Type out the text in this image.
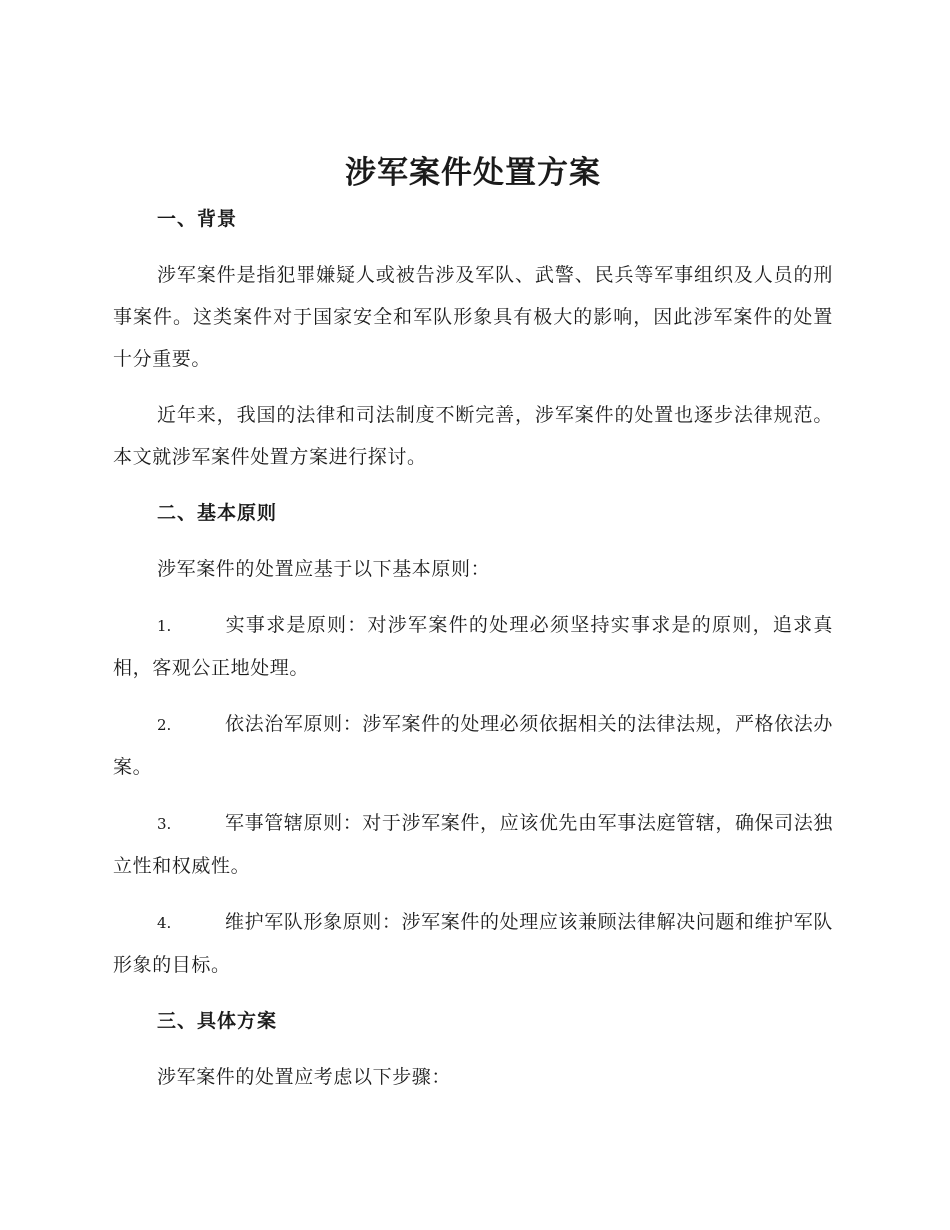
涉军案件处置方案
一、背景

涉军案件是指犯罪嫌疑人或被告涉及军队、武警、民兵等军事组织及人员的刑事案件。这类案件对于国家安全和军队形象具有极大的影响，因此涉军案件的处置十分重要。

近年来，我国的法律和司法制度不断完善，涉军案件的处置也逐步法律规范。本文就涉军案件处置方案进行探讨。

二、基本原则

涉军案件的处置应基于以下基本原则：

1.	实事求是原则：对涉军案件的处理必须坚持实事求是的原则，追求真相，客观公正地处理。

2.	依法治军原则：涉军案件的处理必须依据相关的法律法规，严格依法办案。

3.	军事管辖原则：对于涉军案件，应该优先由军事法庭管辖，确保司法独立性和权威性。

4.	维护军队形象原则：涉军案件的处理应该兼顾法律解决问题和维护军队形象的目标。

三、具体方案

涉军案件的处置应考虑以下步骤：
